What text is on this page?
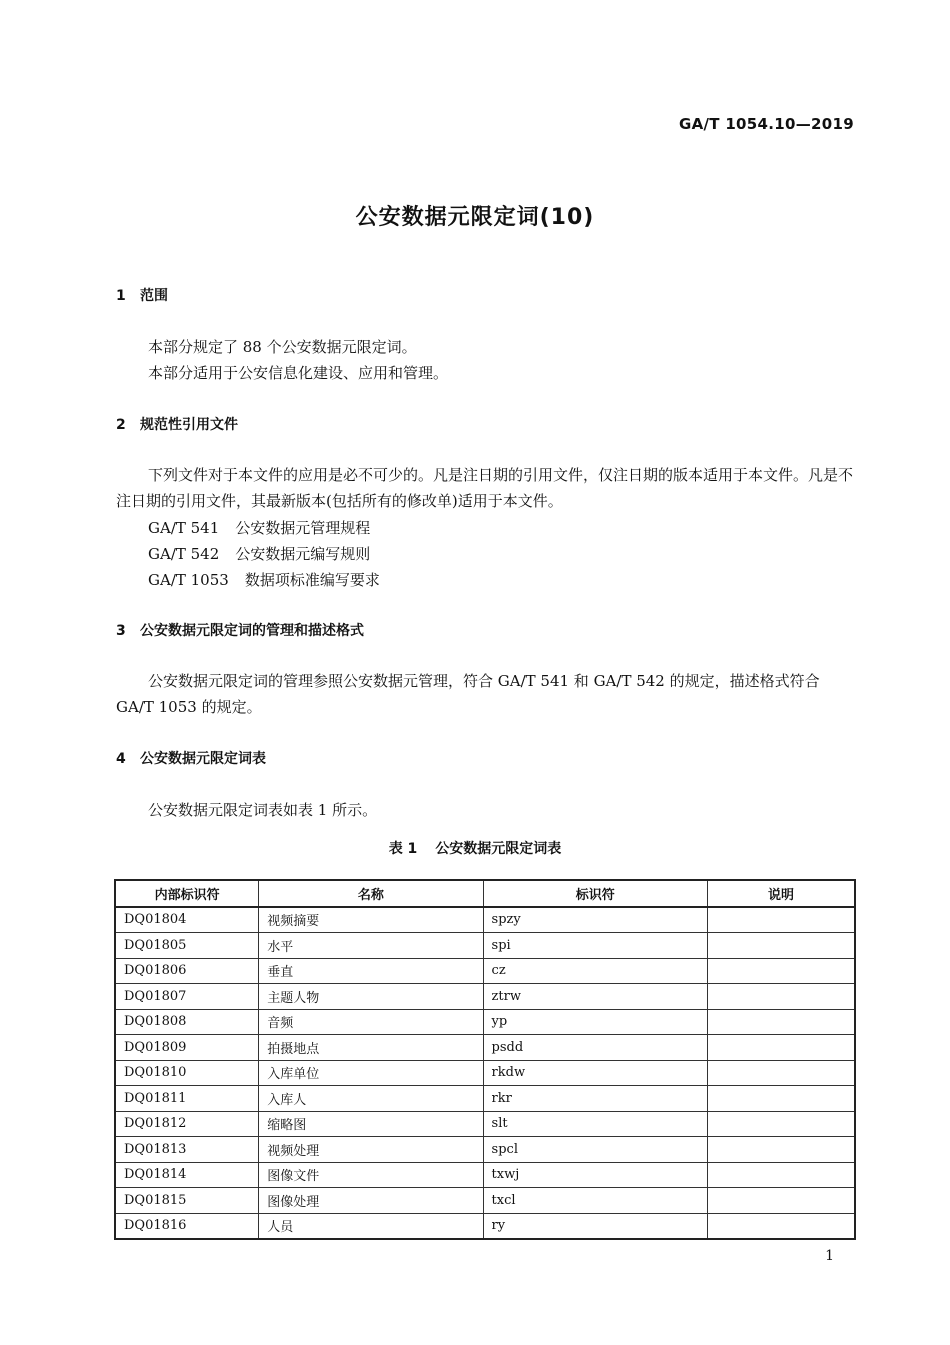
GA/T 1054.10—2019
公安数据元限定词(10)
1 范围
本部分规定了 88 个公安数据元限定词。
本部分适用于公安信息化建设、应用和管理。
2 规范性引用文件
下列文件对于本文件的应用是必不可少的。凡是注日期的引用文件，仅注日期的版本适用于本文件。凡是不注日期的引用文件，其最新版本(包括所有的修改单)适用于本文件。
GA/T 541 公安数据元管理规程
GA/T 542 公安数据元编写规则
GA/T 1053 数据项标准编写要求
3 公安数据元限定词的管理和描述格式
公安数据元限定词的管理参照公安数据元管理，符合 GA/T 541 和 GA/T 542 的规定，描述格式符合 GA/T 1053 的规定。
4 公安数据元限定词表
公安数据元限定词表如表 1 所示。
表 1 公安数据元限定词表
内部标识符	名称	标识符	说明
DQ01804	视频摘要	spzy	
DQ01805	水平	spi	
DQ01806	垂直	cz	
DQ01807	主题人物	ztrw	
DQ01808	音频	yp	
DQ01809	拍摄地点	psdd	
DQ01810	入库单位	rkdw	
DQ01811	入库人	rkr	
DQ01812	缩略图	slt	
DQ01813	视频处理	spcl	
DQ01814	图像文件	txwj	
DQ01815	图像处理	txcl	
DQ01816	人员	ry	
1
